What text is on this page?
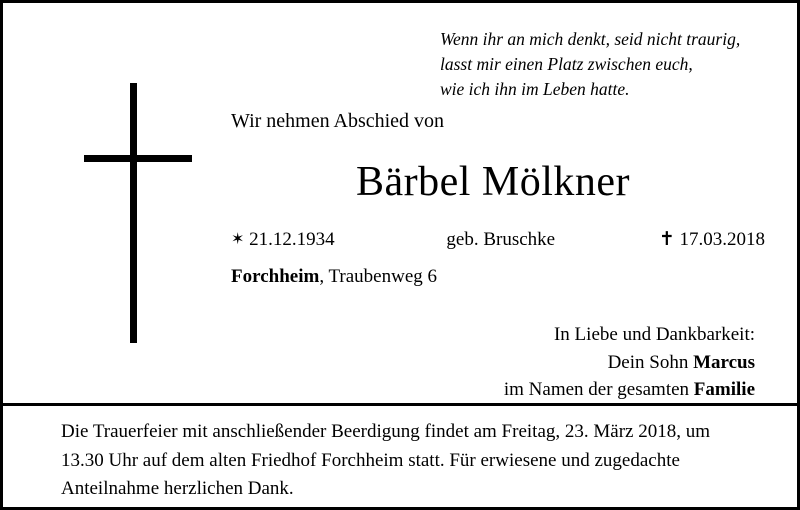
Wenn ihr an mich denkt, seid nicht traurig,
lasst mir einen Platz zwischen euch,
wie ich ihn im Leben hatte.
Wir nehmen Abschied von
Bärbel Mölkner
✶ 21.12.1934	geb. Bruschke	✝ 17.03.2018
Forchheim, Traubenweg 6
In Liebe und Dankbarkeit:
Dein Sohn Marcus
im Namen der gesamten Familie
Die Trauerfeier mit anschließender Beerdigung findet am Freitag, 23. März 2018, um
13.30 Uhr auf dem alten Friedhof Forchheim statt. Für erwiesene und zugedachte
Anteilnahme herzlichen Dank.
